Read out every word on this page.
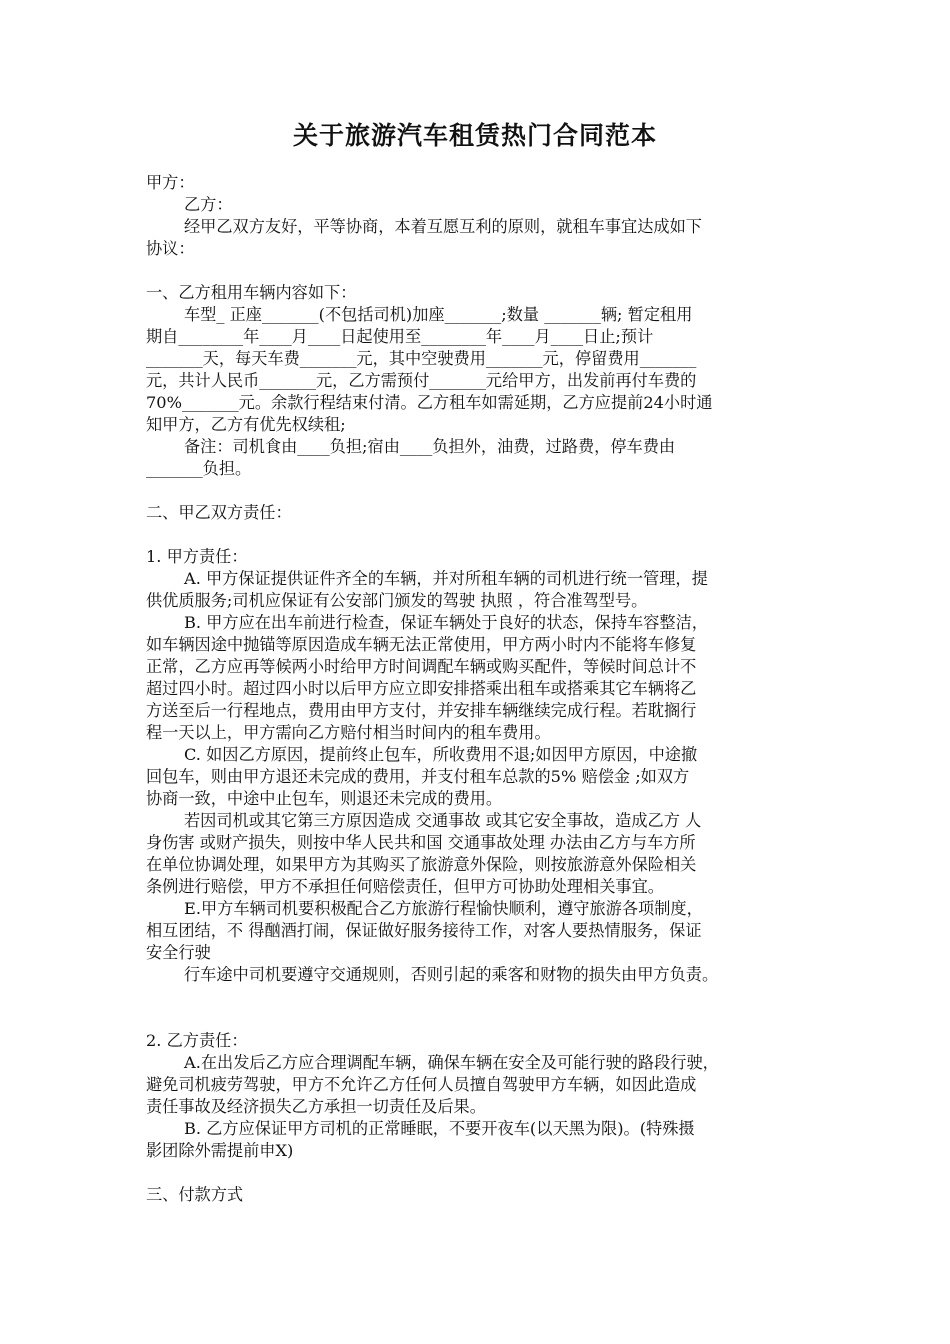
关于旅游汽车租赁热门合同范本
甲方：
乙方：
经甲乙双方友好，平等协商，本着互愿互利的原则，就租车事宜达成如下
协议：
一、乙方租用车辆内容如下：
车型_ 正座_______(不包括司机)加座_______;数量 _______辆; 暂定租用
期自________年____月____日起使用至________年____月____日止;预计
_______天，每天车费_______元，其中空驶费用_______元，停留费用_______
元，共计人民币_______元，乙方需预付_______元给甲方，出发前再付车费的
70%_______元。余款行程结束付清。乙方租车如需延期，乙方应提前24小时通
知甲方，乙方有优先权续租;
备注：司机食由____负担;宿由____负担外，油费，过路费，停车费由
_______负担。
二、甲乙双方责任：
1. 甲方责任：
A. 甲方保证提供证件齐全的车辆，并对所租车辆的司机进行统一管理，提
供优质服务;司机应保证有公安部门颁发的驾驶 执照 ，符合准驾型号。
B. 甲方应在出车前进行检查，保证车辆处于良好的状态，保持车容整洁，
如车辆因途中抛锚等原因造成车辆无法正常使用，甲方两小时内不能将车修复
正常，乙方应再等候两小时给甲方时间调配车辆或购买配件，等候时间总计不
超过四小时。超过四小时以后甲方应立即安排搭乘出租车或搭乘其它车辆将乙
方送至后一行程地点，费用由甲方支付，并安排车辆继续完成行程。若耽搁行
程一天以上，甲方需向乙方赔付相当时间内的租车费用。
C. 如因乙方原因，提前终止包车，所收费用不退;如因甲方原因，中途撤
回包车，则由甲方退还未完成的费用，并支付租车总款的5% 赔偿金 ;如双方
协商一致，中途中止包车，则退还未完成的费用。
若因司机或其它第三方原因造成 交通事故 或其它安全事故，造成乙方 人
身伤害 或财产损失，则按中华人民共和国 交通事故处理 办法由乙方与车方所
在单位协调处理，如果甲方为其购买了旅游意外保险，则按旅游意外保险相关
条例进行赔偿，甲方不承担任何赔偿责任，但甲方可协助处理相关事宜。
E.甲方车辆司机要积极配合乙方旅游行程愉快顺利，遵守旅游各项制度，
相互团结，不 得酗酒打闹，保证做好服务接待工作，对客人要热情服务，保证
安全行驶
行车途中司机要遵守交通规则，否则引起的乘客和财物的损失由甲方负责。
2. 乙方责任：
A.在出发后乙方应合理调配车辆，确保车辆在安全及可能行驶的路段行驶，
避免司机疲劳驾驶，甲方不允许乙方任何人员擅自驾驶甲方车辆，如因此造成
责任事故及经济损失乙方承担一切责任及后果。
B. 乙方应保证甲方司机的正常睡眠，不要开夜车(以天黑为限)。(特殊摄
影团除外需提前申X)
三、付款方式
